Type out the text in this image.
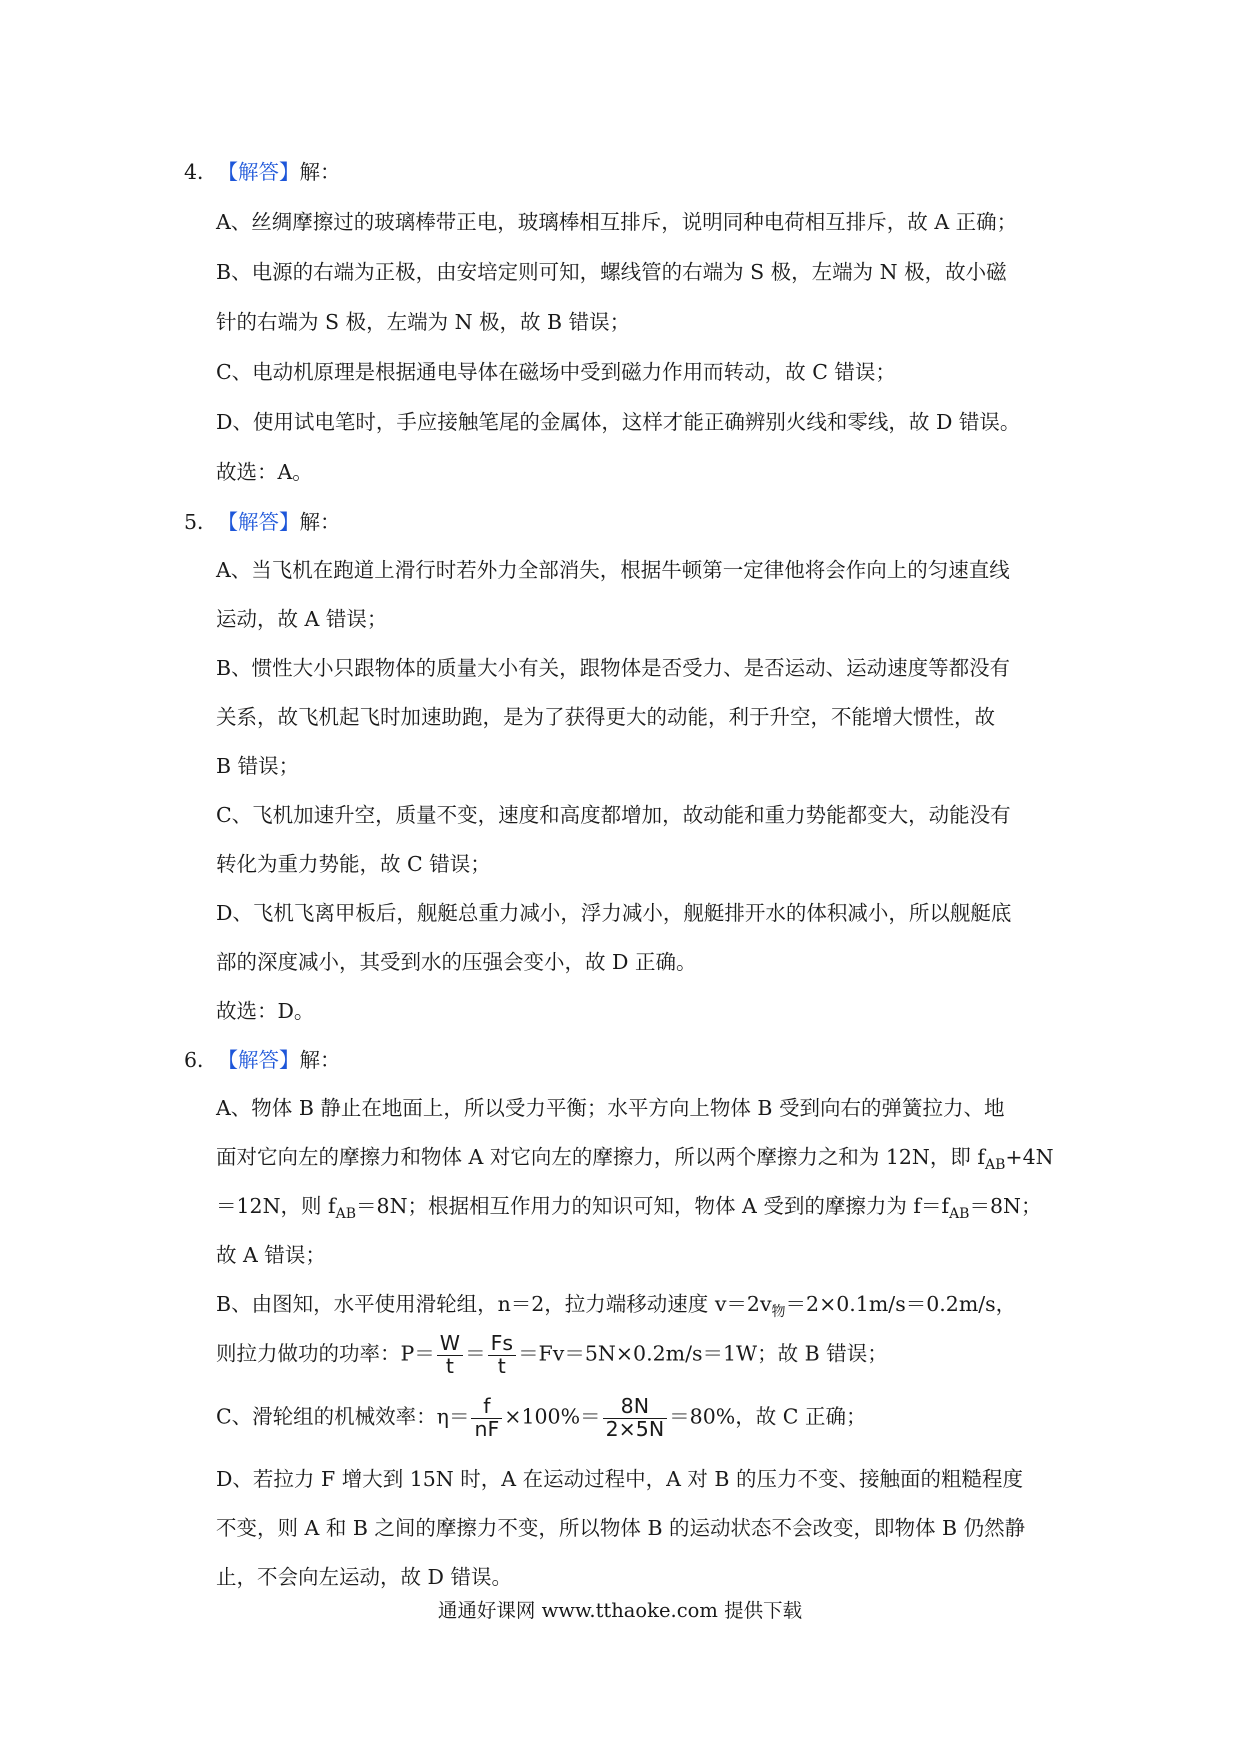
4．【解答】解：
A、丝绸摩擦过的玻璃棒带正电，玻璃棒相互排斥，说明同种电荷相互排斥，故 A 正确；
B、电源的右端为正极，由安培定则可知，螺线管的右端为 S 极，左端为 N 极，故小磁
针的右端为 S 极，左端为 N 极，故 B 错误；
C、电动机原理是根据通电导体在磁场中受到磁力作用而转动，故 C 错误；
D、使用试电笔时，手应接触笔尾的金属体，这样才能正确辨别火线和零线，故 D 错误。
故选：A。
5．【解答】解：
A、当飞机在跑道上滑行时若外力全部消失，根据牛顿第一定律他将会作向上的匀速直线
运动，故 A 错误；
B、惯性大小只跟物体的质量大小有关，跟物体是否受力、是否运动、运动速度等都没有
关系，故飞机起飞时加速助跑，是为了获得更大的动能，利于升空，不能增大惯性，故
B 错误；
C、飞机加速升空，质量不变，速度和高度都增加，故动能和重力势能都变大，动能没有
转化为重力势能，故 C 错误；
D、飞机飞离甲板后，舰艇总重力减小，浮力减小，舰艇排开水的体积减小，所以舰艇底
部的深度减小，其受到水的压强会变小，故 D 正确。
故选：D。
6．【解答】解：
A、物体 B 静止在地面上，所以受力平衡；水平方向上物体 B 受到向右的弹簧拉力、地
面对它向左的摩擦力和物体 A 对它向左的摩擦力，所以两个摩擦力之和为 12N，即 $f_{AB}+4N$
＝12N，则 $f_{AB}=8N$；根据相互作用力的知识可知，物体 A 受到的摩擦力为 $f=f_{AB}=8N$；
故 A 错误；
B、由图知，水平使用滑轮组，n＝2，拉力端移动速度 $v=2v_物=2\times 0.1m/s=0.2m/s$，
则拉力做功的功率：$P= \frac{W}{t} = \frac{Fs}{t} =Fv=5N\times 0.2m/s=1W$；故 B 错误；
C、滑轮组的机械效率：$\eta= \frac{f}{nF} \times 100\%= \frac{8N}{2\times 5N} =80\%$，故 C 正确；
D、若拉力 F 增大到 15N 时，A 在运动过程中，A 对 B 的压力不变、接触面的粗糙程度
不变，则 A 和 B 之间的摩擦力不变，所以物体 B 的运动状态不会改变，即物体 B 仍然静
止，不会向左运动，故 D 错误。
通通好课网 www.tthaoke.com 提供下载
